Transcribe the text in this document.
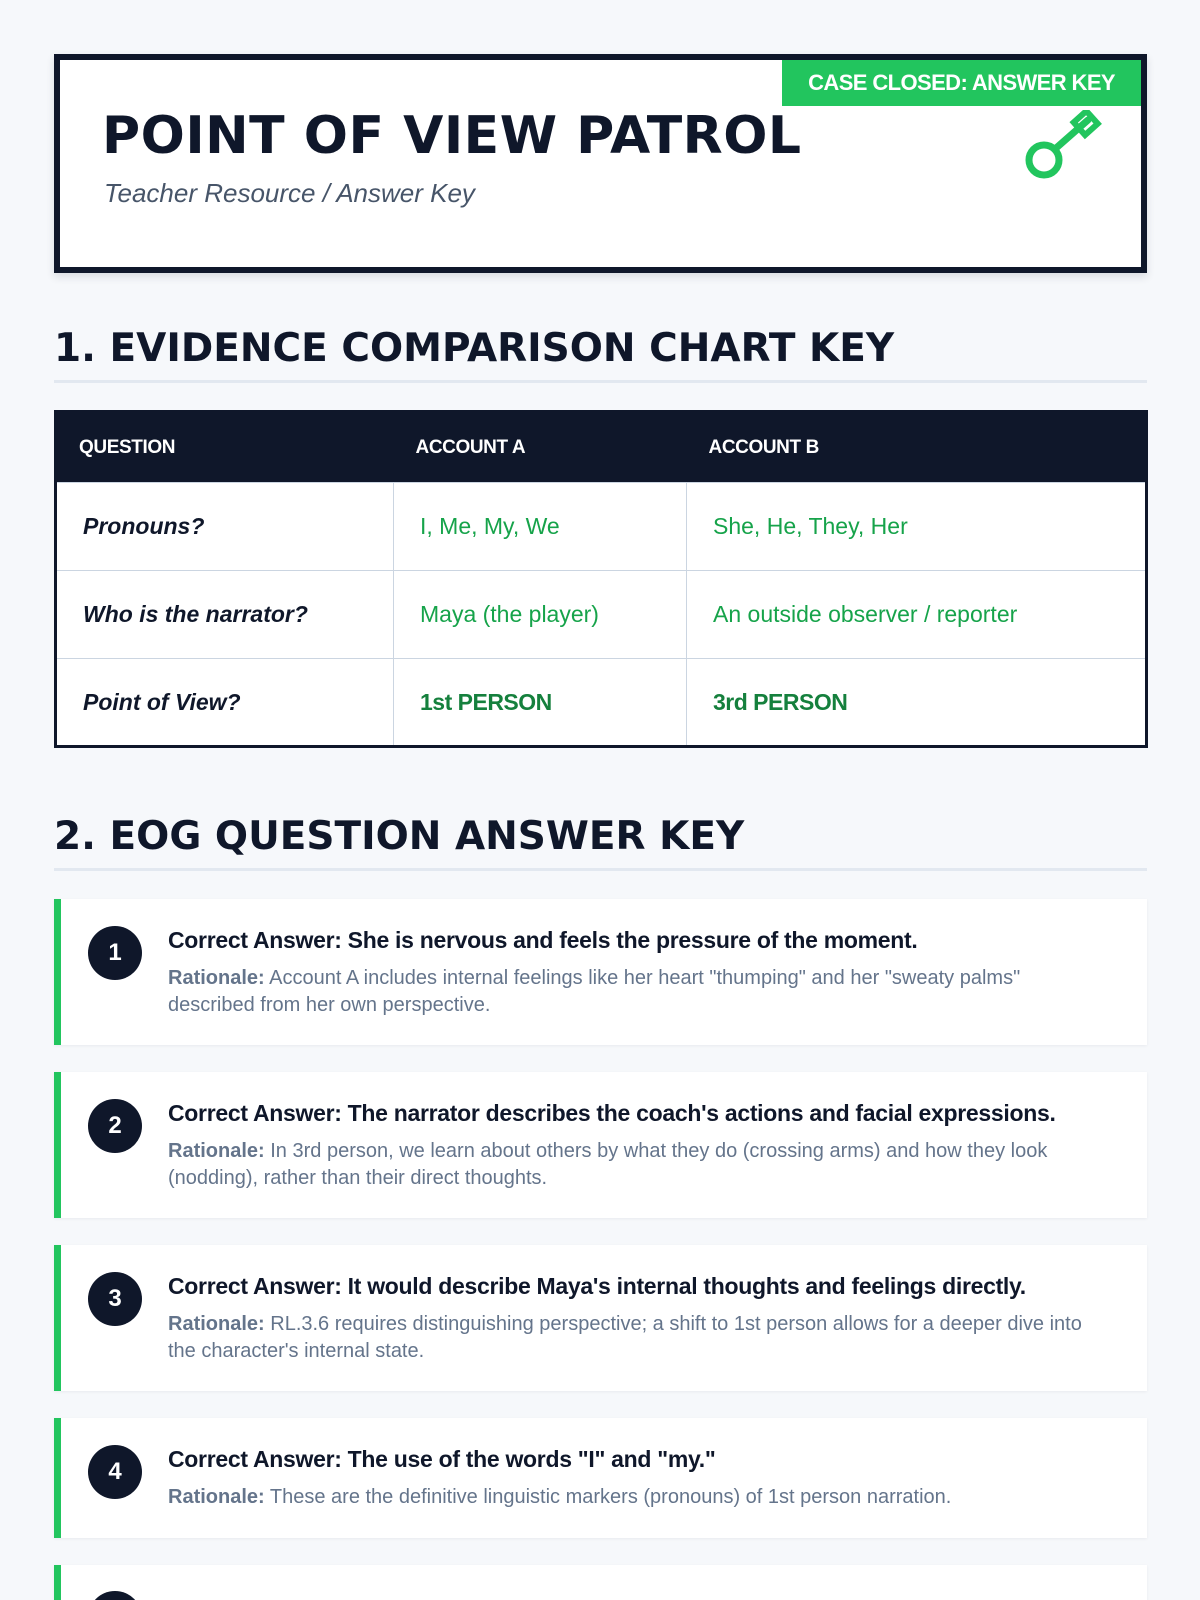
CASE CLOSED: ANSWER KEY
POINT OF VIEW PATROL
Teacher Resource / Answer Key
1. EVIDENCE COMPARISON CHART KEY
QUESTION	ACCOUNT A	ACCOUNT B
Pronouns?	I, Me, My, We	She, He, They, Her
Who is the narrator?	Maya (the player)	An outside observer / reporter
Point of View?	1st PERSON	3rd PERSON
2. EOG QUESTION ANSWER KEY
1	Correct Answer: She is nervous and feels the pressure of the moment.
Rationale: Account A includes internal feelings like her heart "thumping" and her "sweaty palms" described from her own perspective.
2	Correct Answer: The narrator describes the coach's actions and facial expressions.
Rationale: In 3rd person, we learn about others by what they do (crossing arms) and how they look (nodding), rather than their direct thoughts.
3	Correct Answer: It would describe Maya's internal thoughts and feelings directly.
Rationale: RL.3.6 requires distinguishing perspective; a shift to 1st person allows for a deeper dive into the character's internal state.
4	Correct Answer: The use of the words "I" and "my."
Rationale: These are the definitive linguistic markers (pronouns) of 1st person narration.
